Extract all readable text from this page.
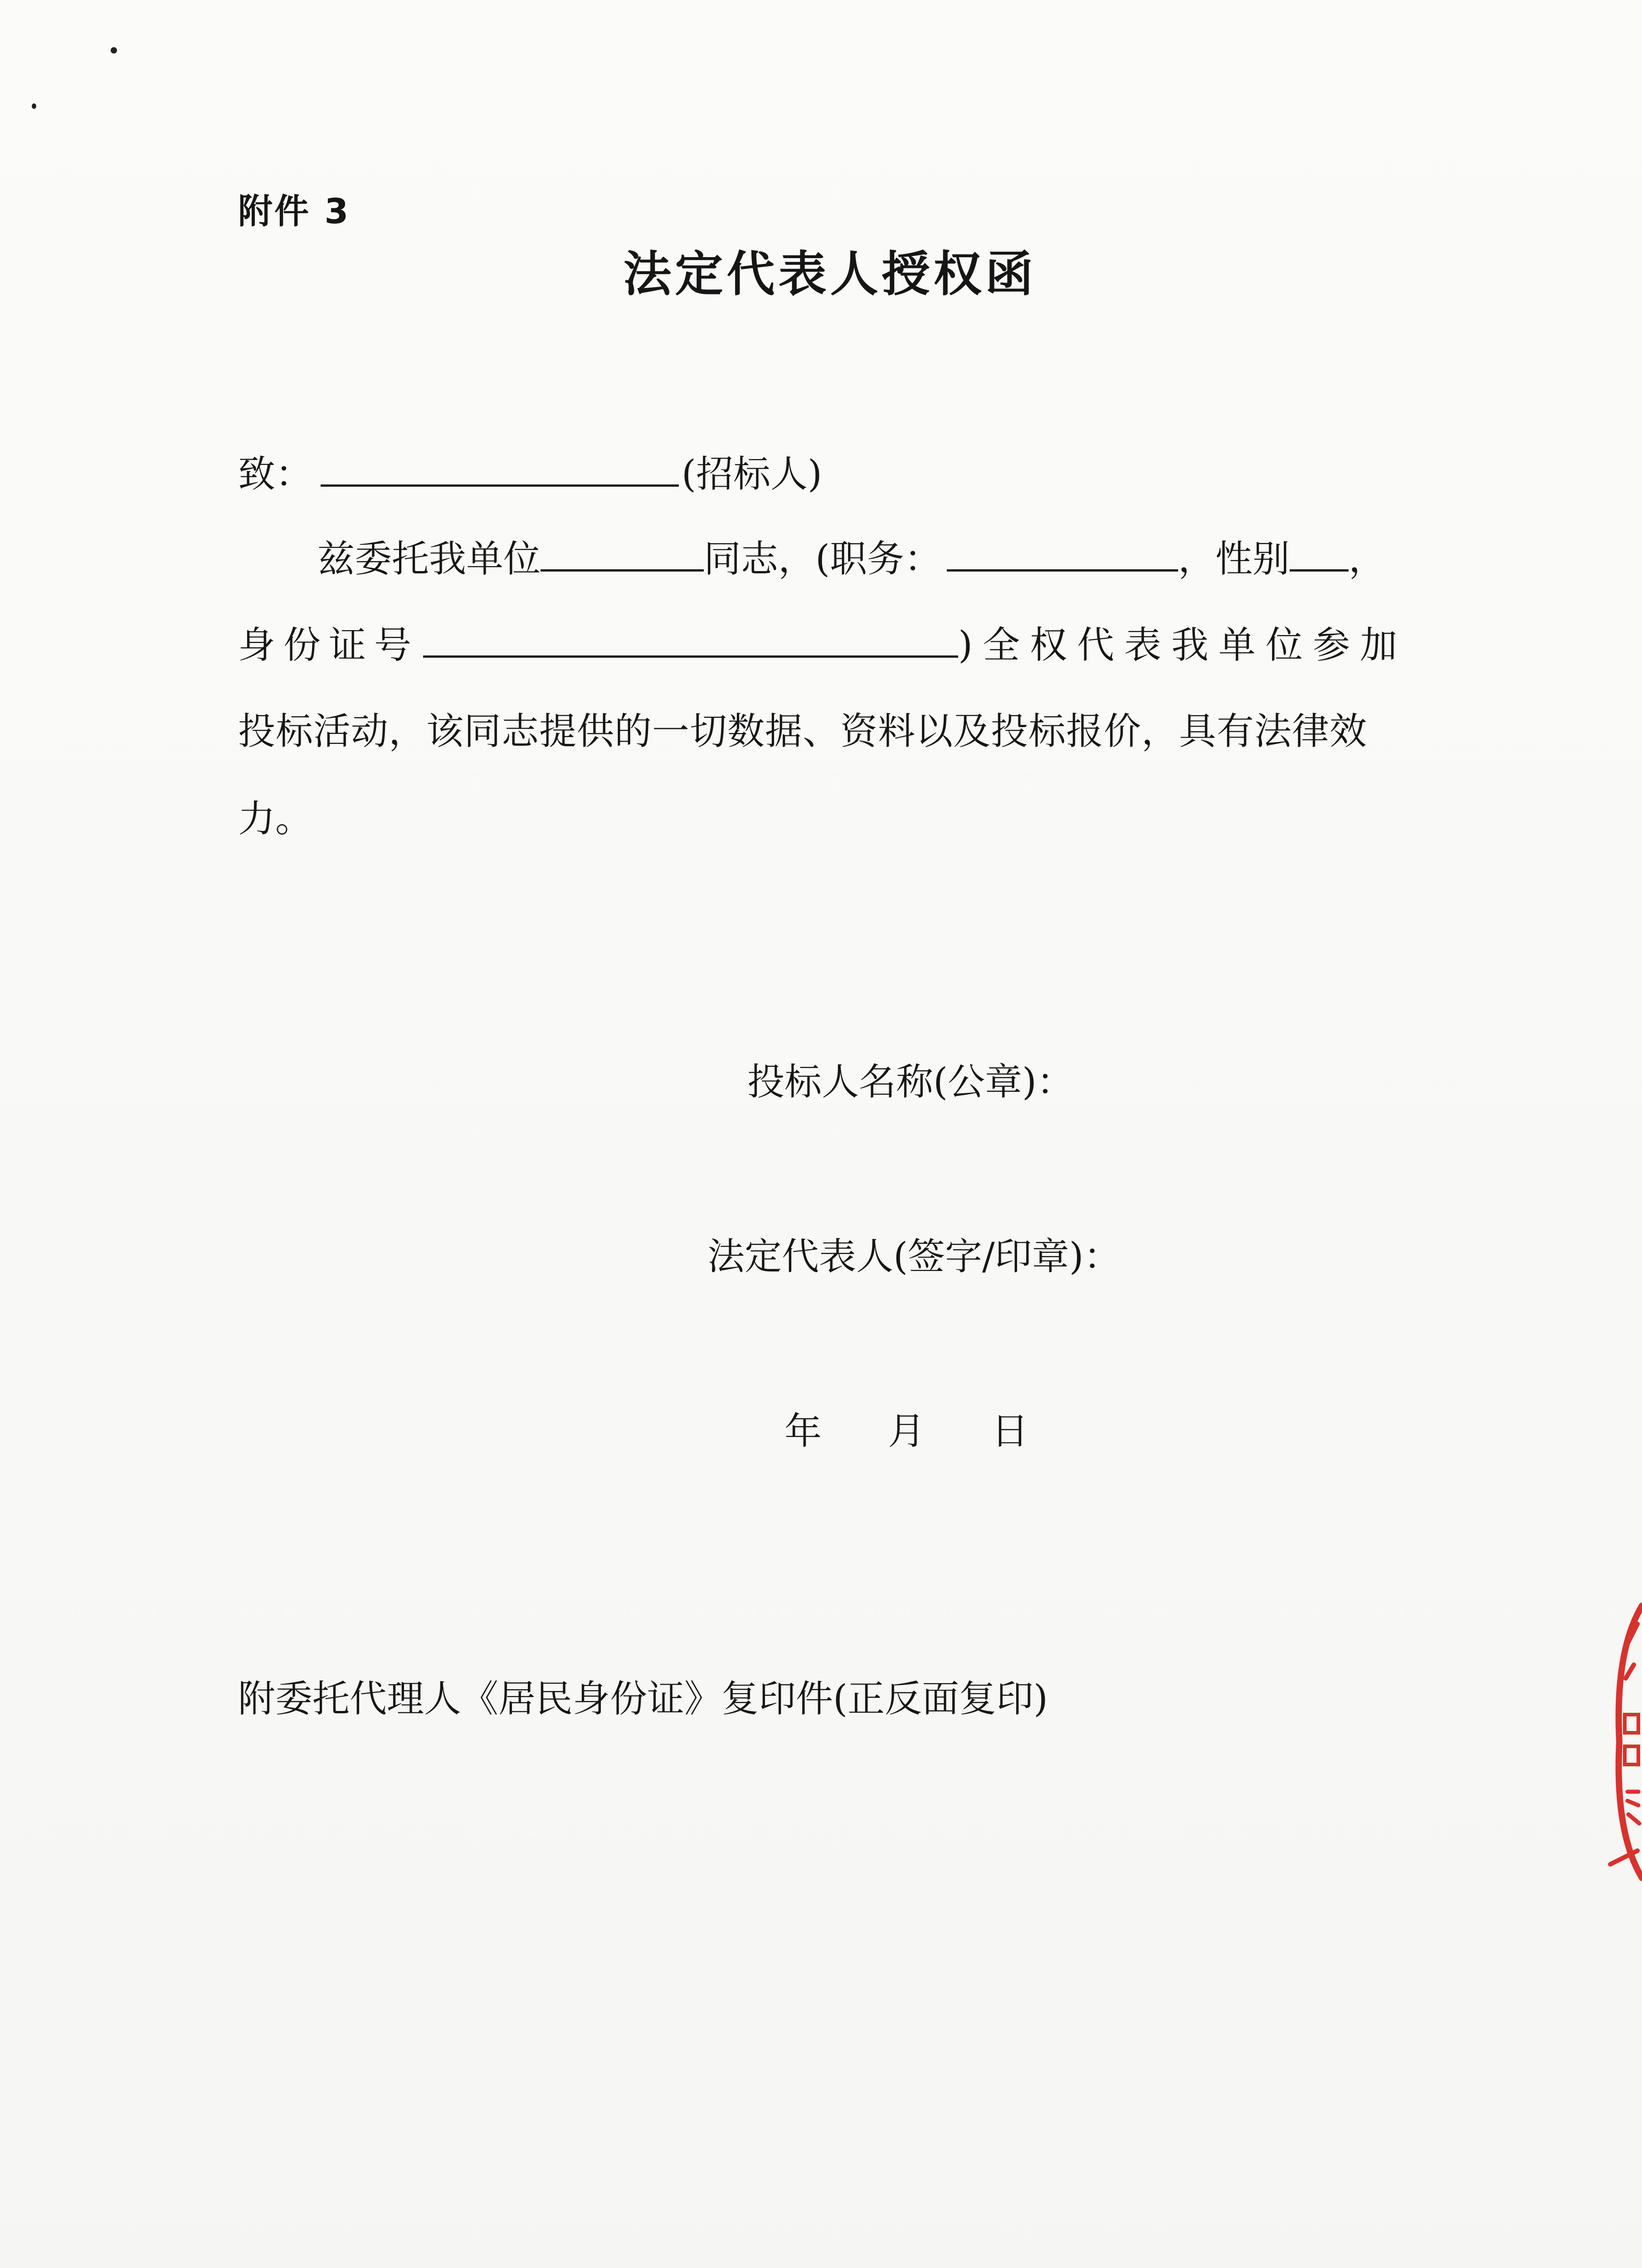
附件 3
法定代表人授权函
致：	(招标人)
兹委托我单位	同志，(职务：	，性别 ，
身份证号	)全权代表我单位参加
投标活动，该同志提供的一切数据、资料以及投标报价，具有法律效
力。
投标人名称(公章)：
法定代表人(签字/印章)：
年 月 日
附委托代理人《居民身份证》复印件(正反面复印)
